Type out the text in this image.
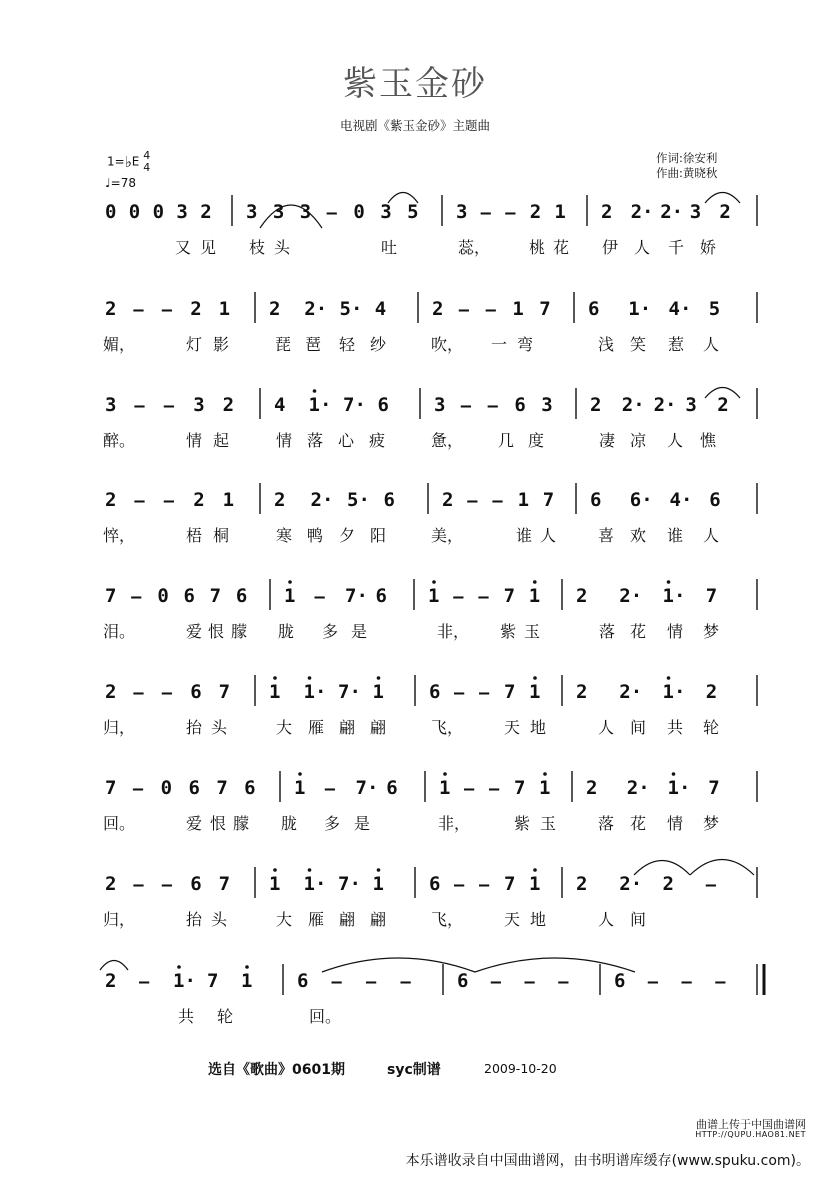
紫玉金砂
电视剧《紫玉金砂》主题曲
1=♭E 4
4
♩=78
作词:徐安利
作曲:黄晓秋
0 0 0 3 2 3 3 3 – 0 3 5 3 – – 2 1 2 2· 2· 3 2
又 见 枝 头	吐	蕊， 桃 花 伊 人 千 娇
2 – – 2 1 2 2· 5· 4 2 – – 1 7 6 1· 4· 5
媚，	灯 影	琵 琶 轻 纱	吹， 一 弯	浅 笑 惹 人
3 – – 3 2 4 1· 7· 6 3 – – 6 3 2 2· 2· 3 2
醉。	情 起	情 落 心 疲	惫， 几 度	凄 凉 人 憔
2 – – 2 1 2 2· 5· 6 2 – – 1 7 6 6· 4· 6
悴，	梧 桐	寒 鸭 夕 阳	美，	谁 人	喜 欢 谁 人
7 – 0 6 7 6 1 – 7· 6 1 – – 7 1 2 2· 1· 7
泪。	爱 恨 朦 胧 多 是	非， 紫 玉	落 花 情 梦
2 – – 6 7 1 1· 7· 1 6 – – 7 1 2 2· 1· 2
归，	抬 头	大 雁 翩 翩	飞，	天 地	人 间 共 轮
7 – 0 6 7 6 1 – 7· 6 1 – – 7 1 2 2· 1· 7
回。	爱 恨 朦 胧 多 是	非，	紫 玉	落 花 情 梦
2 – – 6 7 1 1· 7· 1 6 – – 7 1 2 2· 2 –
归，	抬 头	大 雁 翩 翩	飞，	天 地	人 间
2 – 1· 7 1 6 – – – 6 – – – 6 – – –
共 轮	回。
选自《歌曲》0601期	syc制谱	2009-10-20
曲谱上传于中国曲谱网
HTTP://QUPU.HAO81.NET
本乐谱收录自中国曲谱网，由书明谱库缓存(www.spuku.com)。
